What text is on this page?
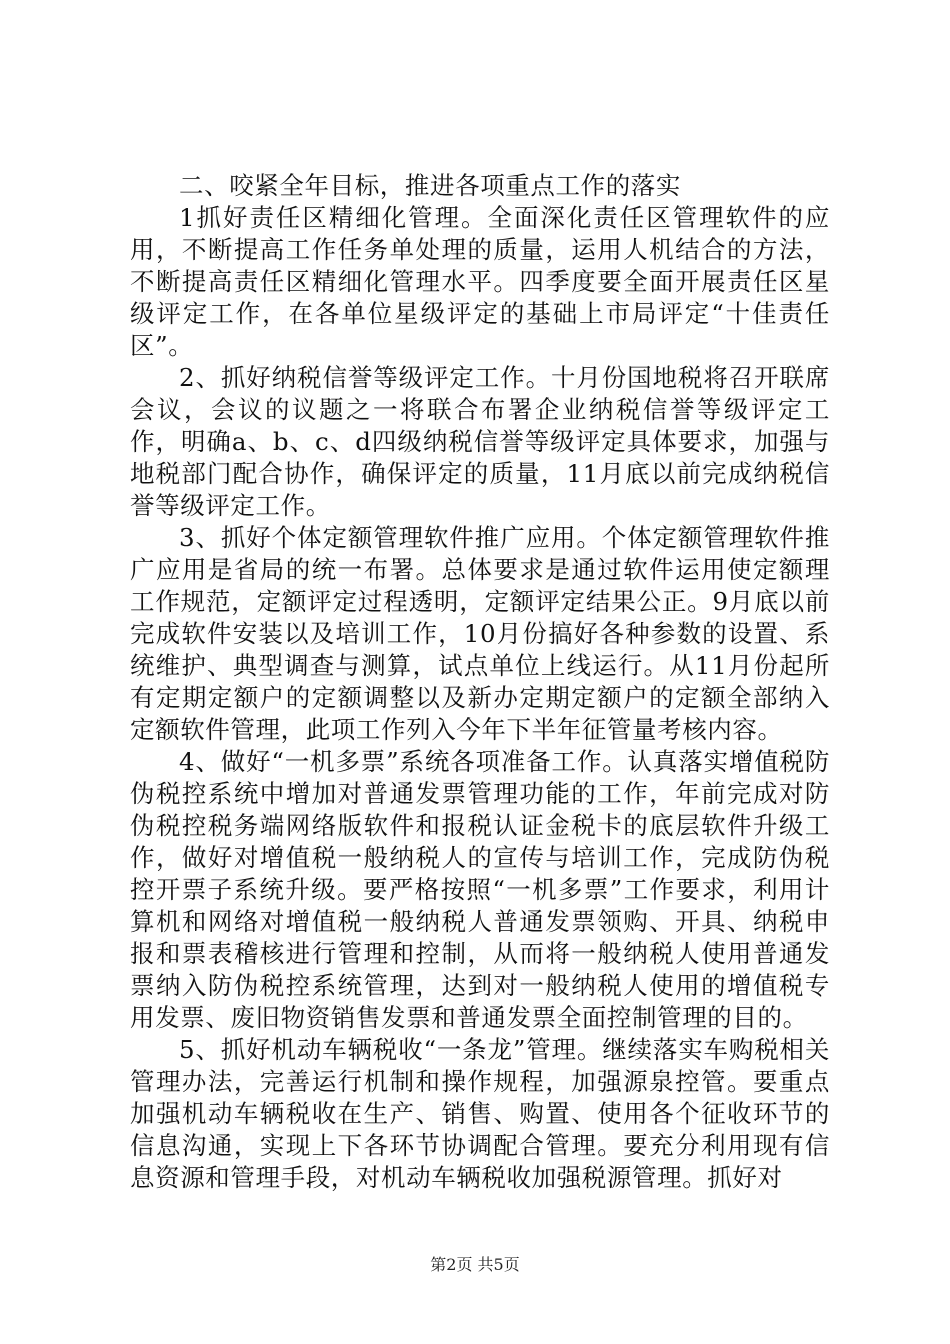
二、咬紧全年目标，推进各项重点工作的落实

1抓好责任区精细化管理。全面深化责任区管理软件的应用，不断提高工作任务单处理的质量，运用人机结合的方法，不断提高责任区精细化管理水平。四季度要全面开展责任区星级评定工作，在各单位星级评定的基础上市局评定“十佳责任区”。

2、抓好纳税信誉等级评定工作。十月份国地税将召开联席会议，会议的议题之一将联合布署企业纳税信誉等级评定工作，明确a、b、c、d四级纳税信誉等级评定具体要求，加强与地税部门配合协作，确保评定的质量，11月底以前完成纳税信誉等级评定工作。

3、抓好个体定额管理软件推广应用。个体定额管理软件推广应用是省局的统一布署。总体要求是通过软件运用使定额理工作规范，定额评定过程透明，定额评定结果公正。9月底以前完成软件安装以及培训工作，10月份搞好各种参数的设置、系统维护、典型调查与测算，试点单位上线运行。从11月份起所有定期定额户的定额调整以及新办定期定额户的定额全部纳入定额软件管理，此项工作列入今年下半年征管量考核内容。

4、做好“一机多票”系统各项准备工作。认真落实增值税防伪税控系统中增加对普通发票管理功能的工作，年前完成对防伪税控税务端网络版软件和报税认证金税卡的底层软件升级工作，做好对增值税一般纳税人的宣传与培训工作，完成防伪税控开票子系统升级。要严格按照“一机多票”工作要求，利用计算机和网络对增值税一般纳税人普通发票领购、开具、纳税申报和票表稽核进行管理和控制，从而将一般纳税人使用普通发票纳入防伪税控系统管理，达到对一般纳税人使用的增值税专用发票、废旧物资销售发票和普通发票全面控制管理的目的。

5、抓好机动车辆税收“一条龙”管理。继续落实车购税相关管理办法，完善运行机制和操作规程，加强源泉控管。要重点加强机动车辆税收在生产、销售、购置、使用各个征收环节的信息沟通，实现上下各环节协调配合管理。要充分利用现有信息资源和管理手段，对机动车辆税收加强税源管理。抓好对

第2页 共5页
